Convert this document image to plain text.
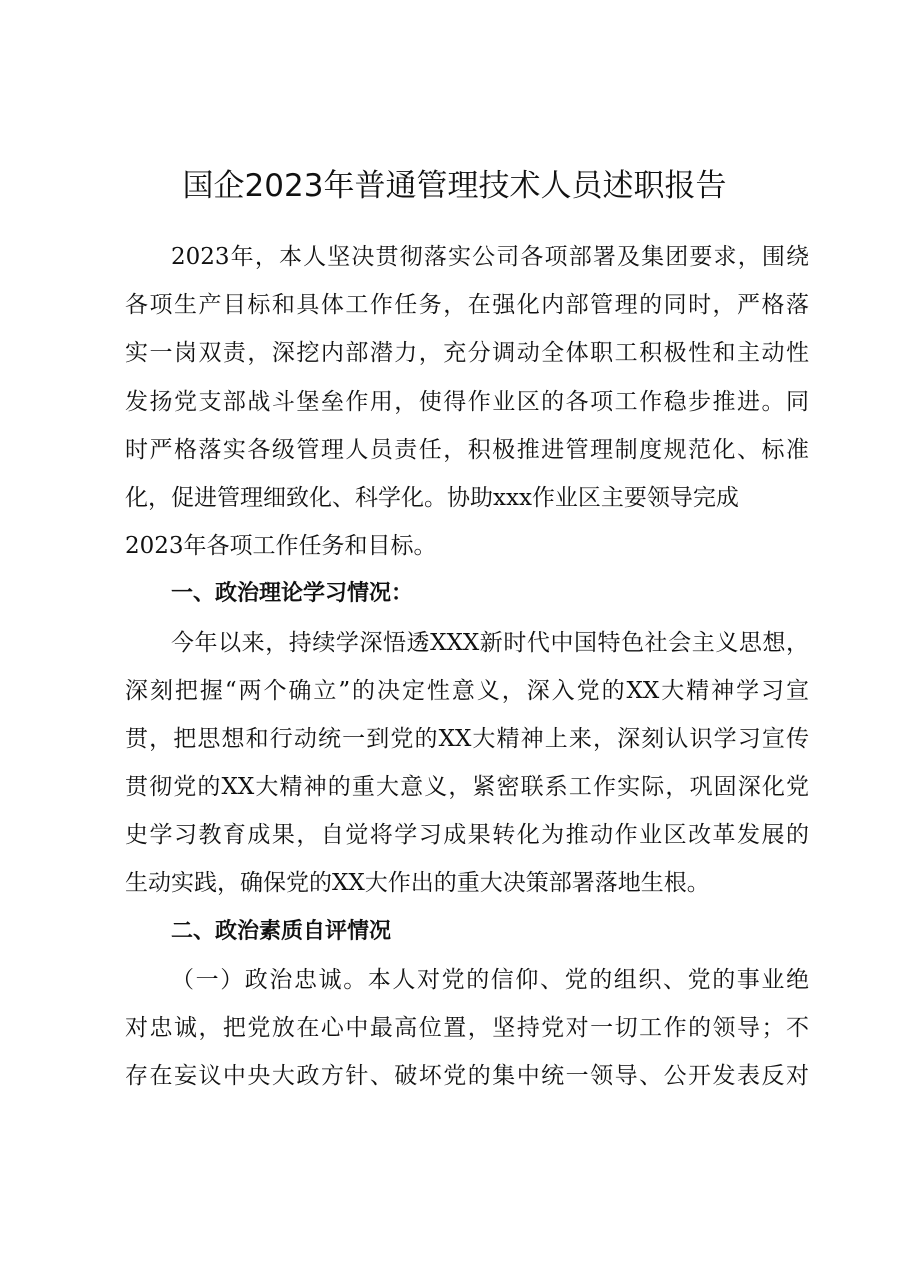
国企2023年普通管理技术人员述职报告
2023年，本人坚决贯彻落实公司各项部署及集团要求，围绕
各项生产目标和具体工作任务，在强化内部管理的同时，严格落
实一岗双责，深挖内部潜力，充分调动全体职工积极性和主动性
发扬党支部战斗堡垒作用，使得作业区的各项工作稳步推进。同
时严格落实各级管理人员责任，积极推进管理制度规范化、标准
化，促进管理细致化、科学化。协助xxx作业区主要领导完成
2023年各项工作任务和目标。
一、政治理论学习情况：
今年以来，持续学深悟透XXX新时代中国特色社会主义思想，
深刻把握“两个确立”的决定性意义，深入党的XX大精神学习宣
贯，把思想和行动统一到党的XX大精神上来，深刻认识学习宣传
贯彻党的XX大精神的重大意义，紧密联系工作实际，巩固深化党
史学习教育成果，自觉将学习成果转化为推动作业区改革发展的
生动实践，确保党的XX大作出的重大决策部署落地生根。
二、政治素质自评情况
（一）政治忠诚。本人对党的信仰、党的组织、党的事业绝
对忠诚，把党放在心中最高位置，坚持党对一切工作的领导；不
存在妄议中央大政方针、破坏党的集中统一领导、公开发表反对
